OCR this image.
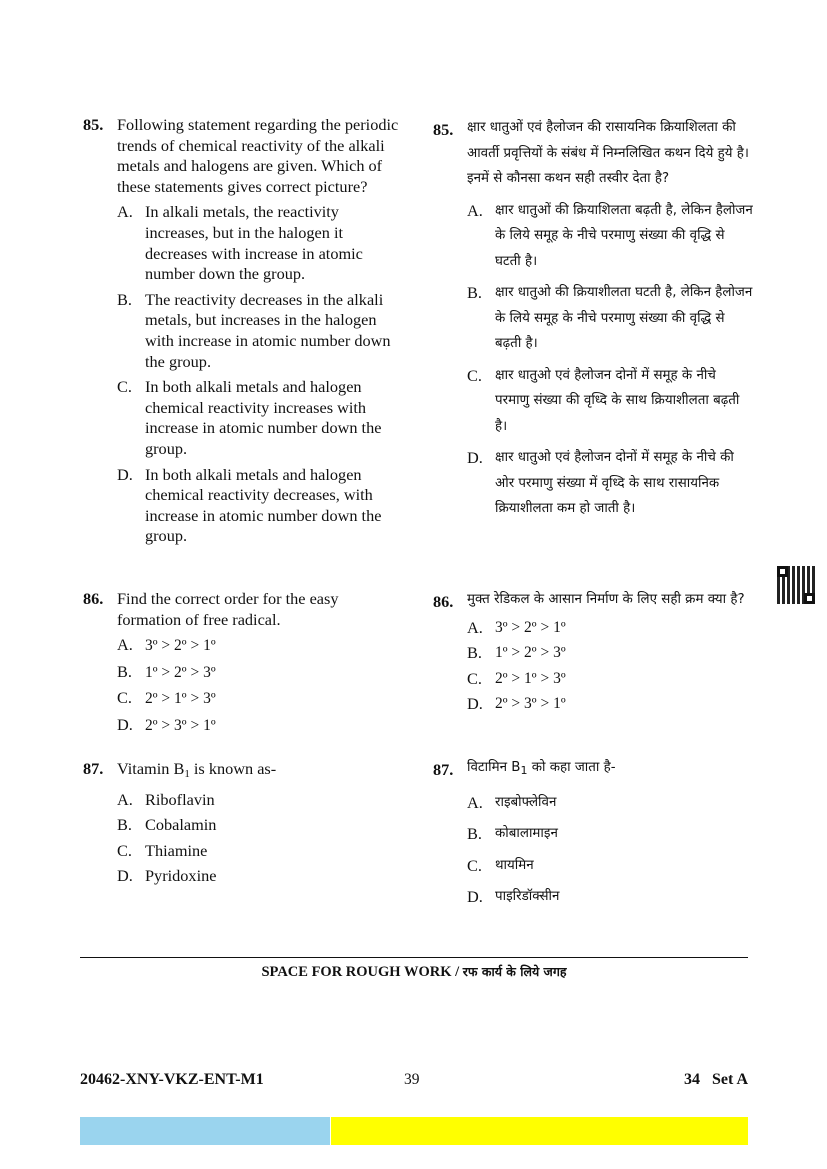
85. Following statement regarding the periodic trends of chemical reactivity of the alkali metals and halogens are given. Which of these statements gives correct picture?
A. In alkali metals, the reactivity increases, but in the halogen it decreases with increase in atomic number down the group.
B. The reactivity decreases in the alkali metals, but increases in the halogen with increase in atomic number down the group.
C. In both alkali metals and halogen chemical reactivity increases with increase in atomic number down the group.
D. In both alkali metals and halogen chemical reactivity decreases, with increase in atomic number down the group.
86. Find the correct order for the easy formation of free radical.
A. 3º > 2º > 1º
B. 1º > 2º > 3º
C. 2º > 1º > 3º
D. 2º > 3º > 1º
87. Vitamin $B_1$ is known as-
A. Riboflavin
B. Cobalamin
C. Thiamine
D. Pyridoxine
85. क्षार धातुओं एवं हैलोजन की रासायनिक क्रियाशिलता की आवर्ती प्रवृत्तियों के संबंध में निम्नलिखित कथन दिये हुये है। इनमें से कौनसा कथन सही तस्वीर देता है?
A. क्षार धातुओं की क्रियाशिलता बढ़ती है, लेकिन हैलोजन के लिये समूह के नीचे परमाणु संख्या की वृद्धि से घटती है।
B. क्षार धातुओ की क्रियाशीलता घटती है, लेकिन हैलोजन के लिये समूह के नीचे परमाणु संख्या की वृद्धि से बढ़ती है।
C. क्षार धातुओ एवं हैलोजन दोनों में समूह के नीचे परमाणु संख्या की वृध्दि के साथ क्रियाशीलता बढ़ती है।
D. क्षार धातुओ एवं हैलोजन दोनों में समूह के नीचे की ओर परमाणु संख्या में वृध्दि के साथ रासायनिक क्रियाशीलता कम हो जाती है।
86. मुक्त रेडिकल के आसान निर्माण के लिए सही क्रम क्या है?
A. 3º > 2º > 1º
B. 1º > 2º > 3º
C. 2º > 1º > 3º
D. 2º > 3º > 1º
87. विटामिन $B_1$ को कहा जाता है-
A. राइबोफ्लेविन
B. कोबालामाइन
C. थायमिन
D. पाइरिडॉक्सीन
SPACE FOR ROUGH WORK / रफ कार्य के लिये जगह
20462-XNY-VKZ-ENT-M1	39	34   Set A
